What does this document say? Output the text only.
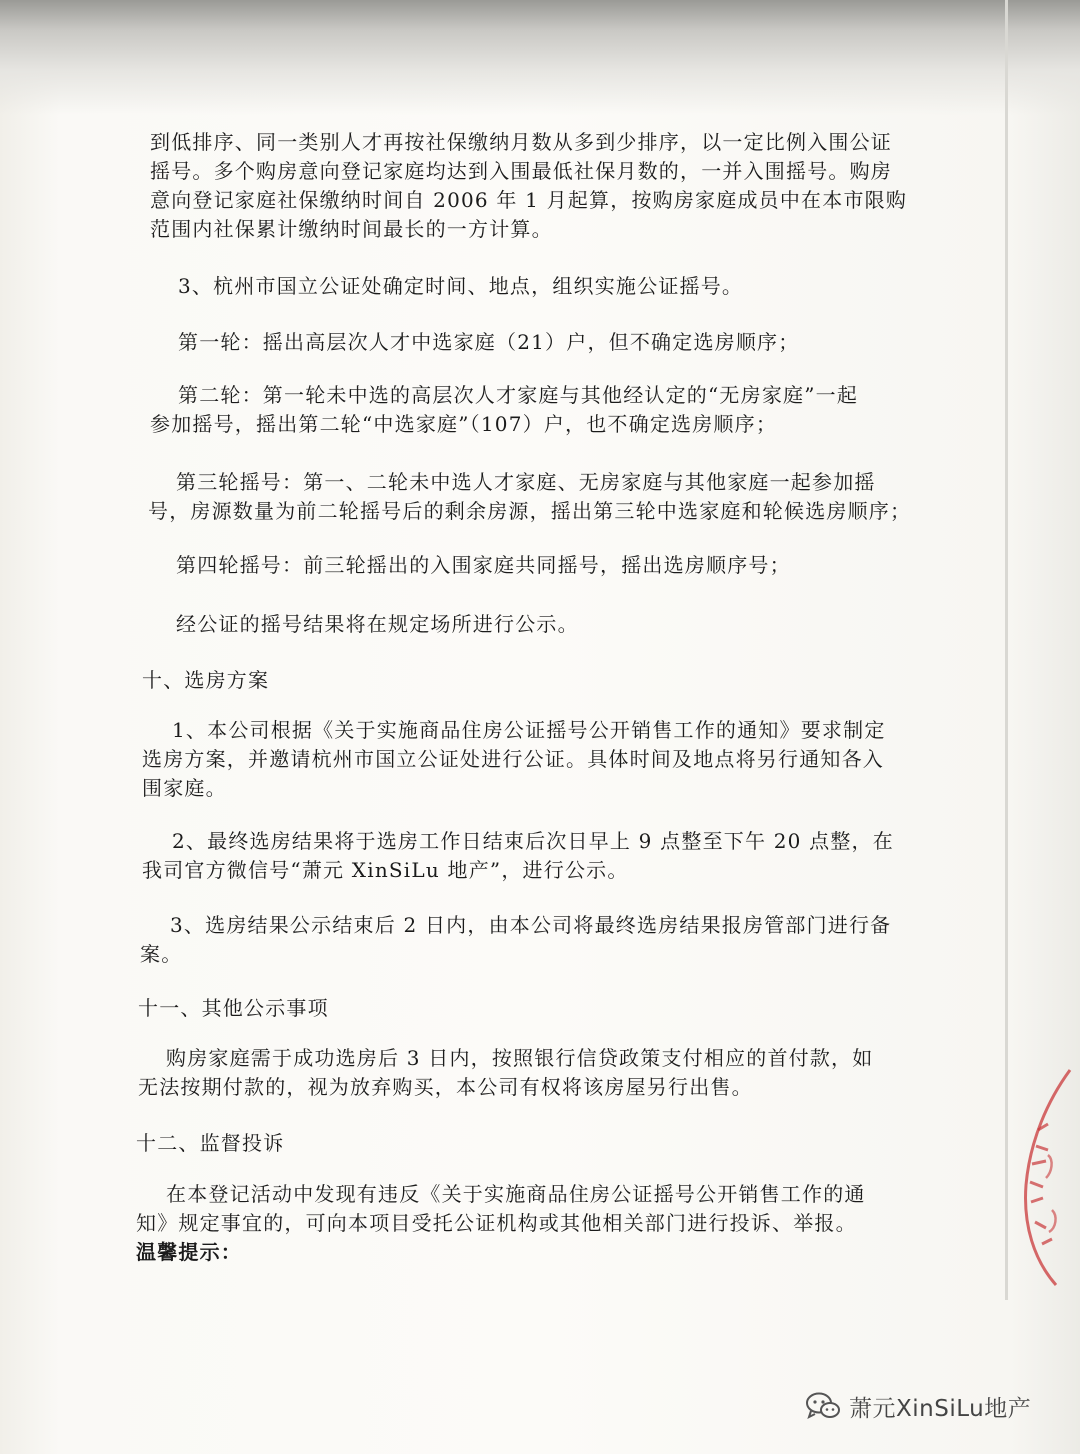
到低排序、同一类别人才再按社保缴纳月数从多到少排序，以一定比例入围公证
摇号。多个购房意向登记家庭均达到入围最低社保月数的，一并入围摇号。购房
意向登记家庭社保缴纳时间自 2006 年 1 月起算，按购房家庭成员中在本市限购
范围内社保累计缴纳时间最长的一方计算。
3、杭州市国立公证处确定时间、地点，组织实施公证摇号。
第一轮：摇出高层次人才中选家庭（21）户，但不确定选房顺序；
第二轮：第一轮未中选的高层次人才家庭与其他经认定的“无房家庭”一起
参加摇号，摇出第二轮“中选家庭”（107）户，也不确定选房顺序；
第三轮摇号：第一、二轮未中选人才家庭、无房家庭与其他家庭一起参加摇
号，房源数量为前二轮摇号后的剩余房源，摇出第三轮中选家庭和轮候选房顺序；
第四轮摇号：前三轮摇出的入围家庭共同摇号，摇出选房顺序号；
经公证的摇号结果将在规定场所进行公示。
十、选房方案
1、本公司根据《关于实施商品住房公证摇号公开销售工作的通知》要求制定
选房方案，并邀请杭州市国立公证处进行公证。具体时间及地点将另行通知各入
围家庭。
2、最终选房结果将于选房工作日结束后次日早上 9 点整至下午 20 点整，在
我司官方微信号“萧元 XinSiLu 地产”，进行公示。
3、选房结果公示结束后 2 日内，由本公司将最终选房结果报房管部门进行备
案。
十一、其他公示事项
购房家庭需于成功选房后 3 日内，按照银行信贷政策支付相应的首付款，如
无法按期付款的，视为放弃购买，本公司有权将该房屋另行出售。
十二、监督投诉
在本登记活动中发现有违反《关于实施商品住房公证摇号公开销售工作的通
知》规定事宜的，可向本项目受托公证机构或其他相关部门进行投诉、举报。
温馨提示：
萧元XinSiLu地产
